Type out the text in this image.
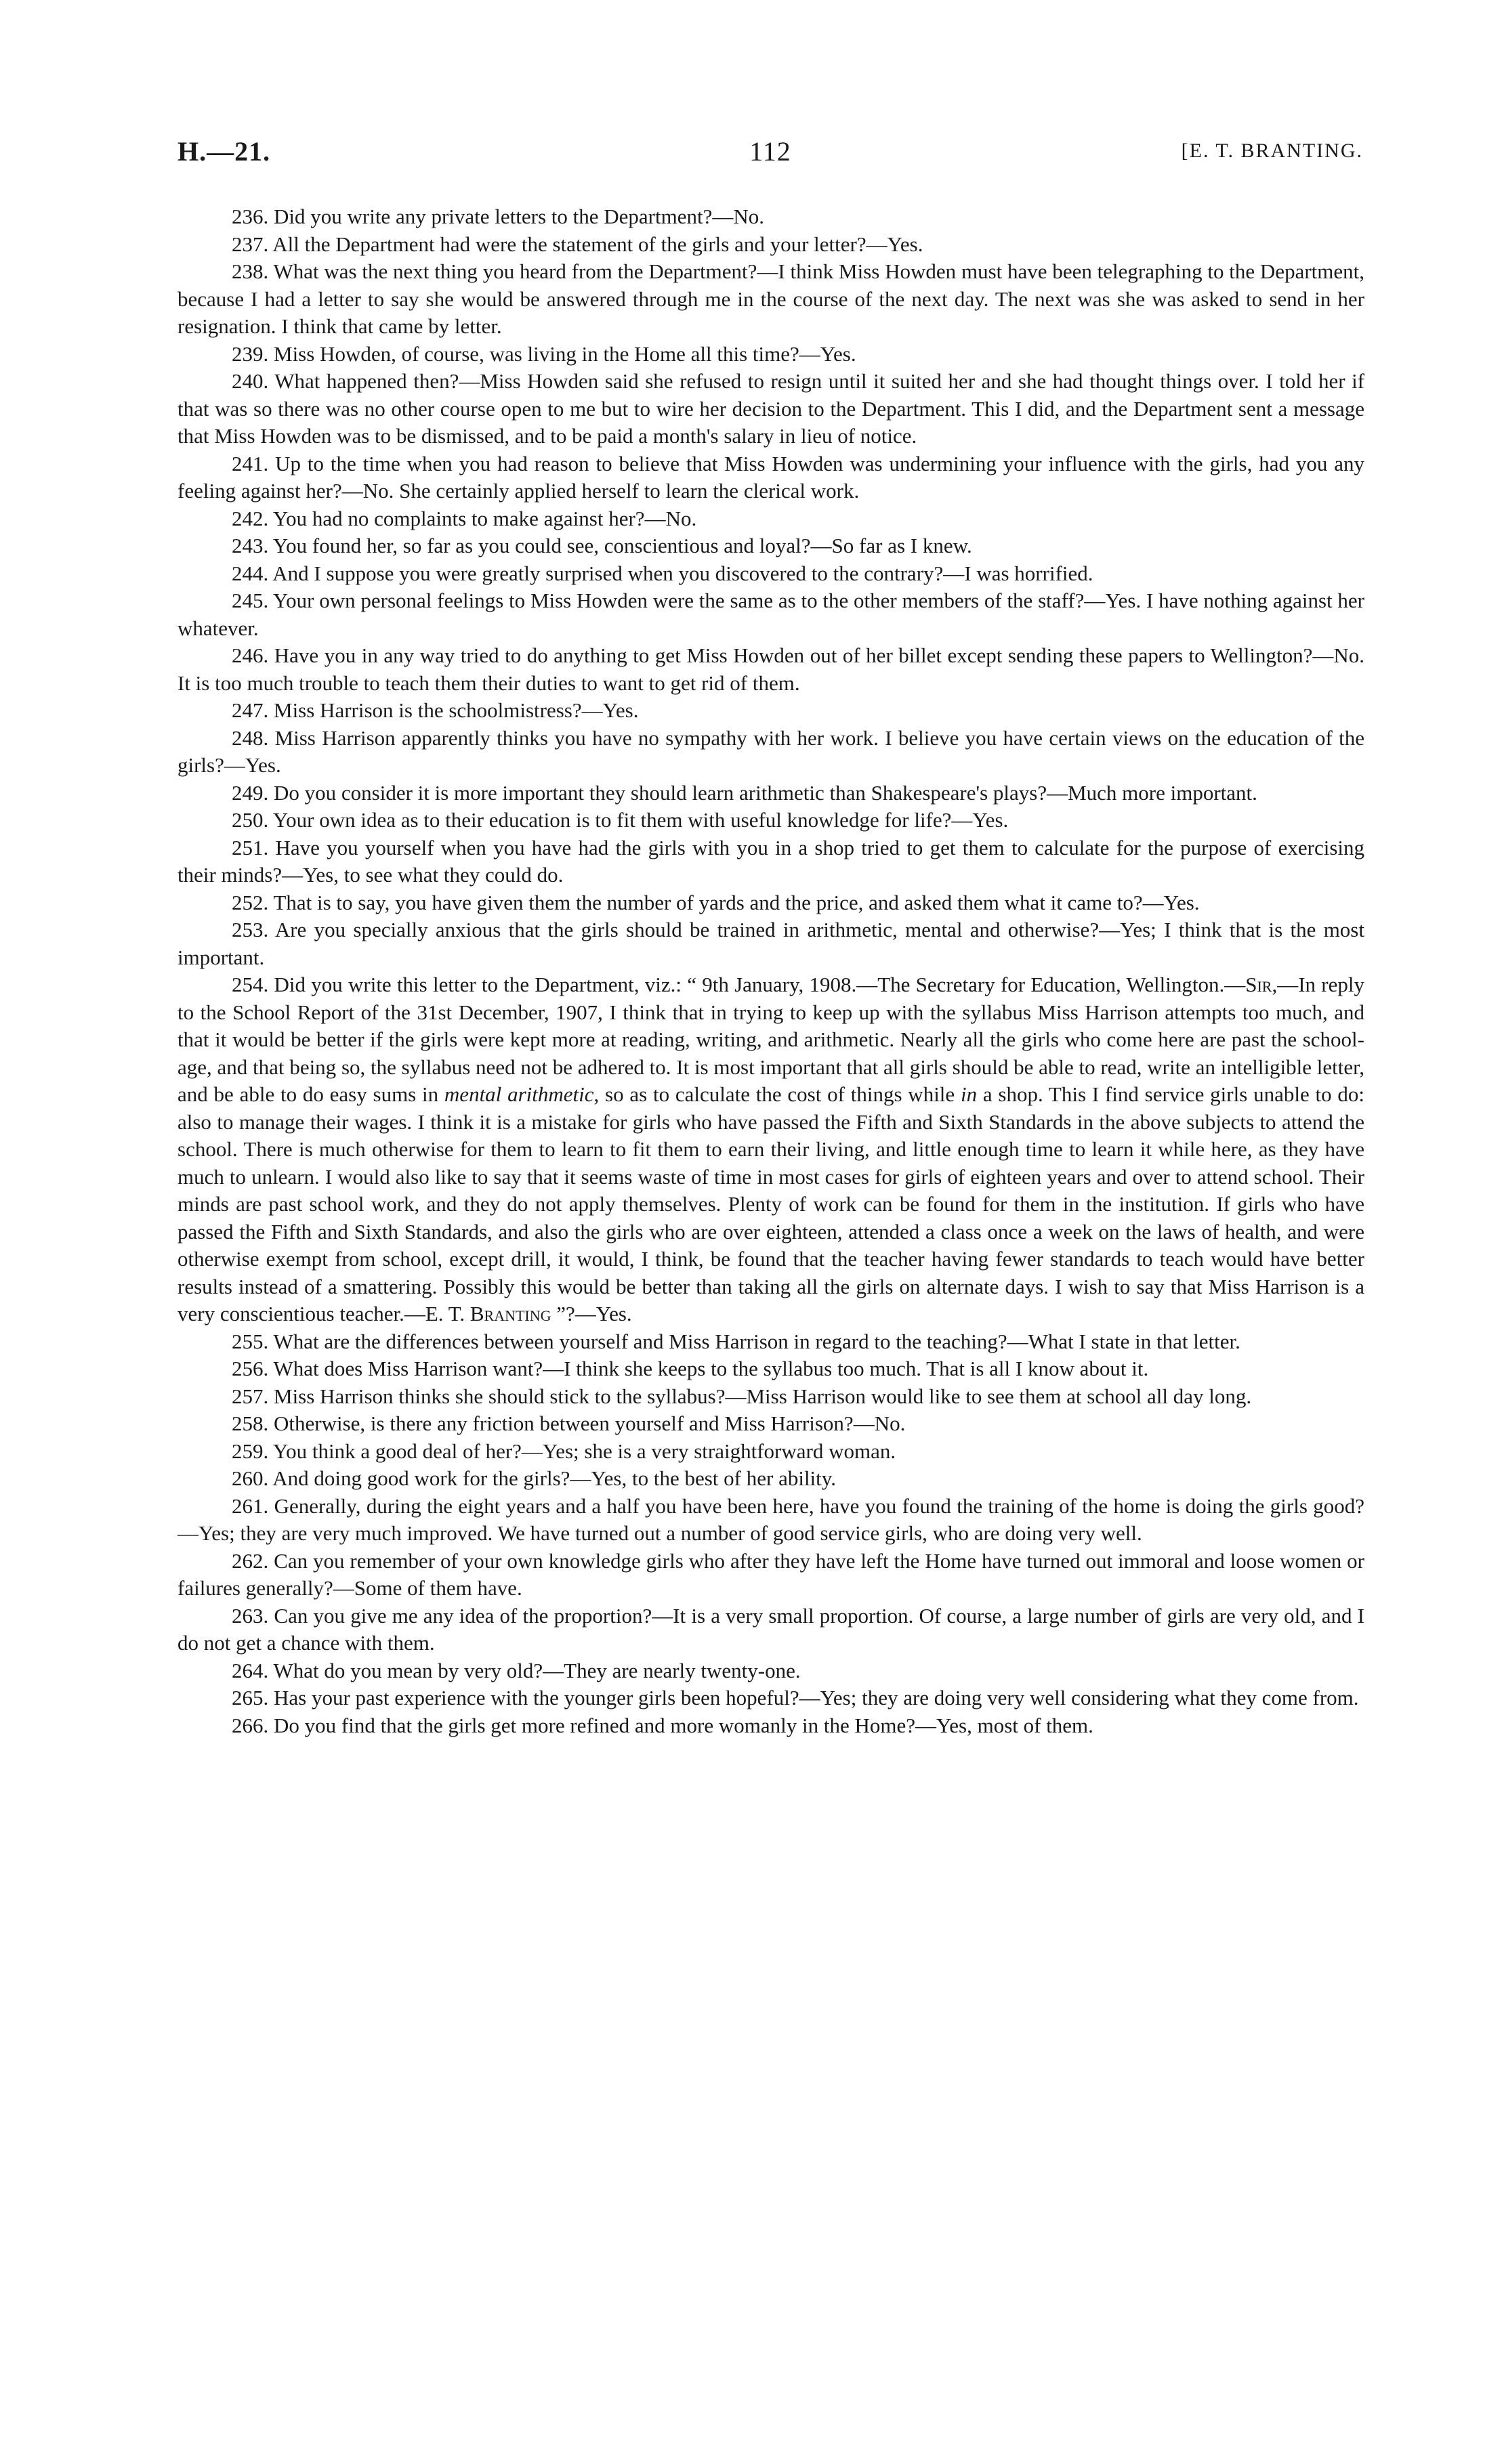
H.—21.	112	[E. T. BRANTING.

236. Did you write any private letters to the Department?—No.

237. All the Department had were the statement of the girls and your letter?—Yes.

238. What was the next thing you heard from the Department?—I think Miss Howden must have been telegraphing to the Department, because I had a letter to say she would be answered through me in the course of the next day. The next was she was asked to send in her resignation. I think that came by letter.

239. Miss Howden, of course, was living in the Home all this time?—Yes.

240. What happened then?—Miss Howden said she refused to resign until it suited her and she had thought things over. I told her if that was so there was no other course open to me but to wire her decision to the Department. This I did, and the Department sent a message that Miss Howden was to be dismissed, and to be paid a month's salary in lieu of notice.

241. Up to the time when you had reason to believe that Miss Howden was undermining your influence with the girls, had you any feeling against her?—No. She certainly applied herself to learn the clerical work.

242. You had no complaints to make against her?—No.

243. You found her, so far as you could see, conscientious and loyal?—So far as I knew.

244. And I suppose you were greatly surprised when you discovered to the contrary?—I was horrified.

245. Your own personal feelings to Miss Howden were the same as to the other members of the staff?—Yes. I have nothing against her whatever.

246. Have you in any way tried to do anything to get Miss Howden out of her billet except sending these papers to Wellington?—No. It is too much trouble to teach them their duties to want to get rid of them.

247. Miss Harrison is the schoolmistress?—Yes.

248. Miss Harrison apparently thinks you have no sympathy with her work. I believe you have certain views on the education of the girls?—Yes.

249. Do you consider it is more important they should learn arithmetic than Shakespeare's plays?—Much more important.

250. Your own idea as to their education is to fit them with useful knowledge for life?—Yes.

251. Have you yourself when you have had the girls with you in a shop tried to get them to calculate for the purpose of exercising their minds?—Yes, to see what they could do.

252. That is to say, you have given them the number of yards and the price, and asked them what it came to?—Yes.

253. Are you specially anxious that the girls should be trained in arithmetic, mental and otherwise?—Yes; I think that is the most important.

254. Did you write this letter to the Department, viz.: “ 9th January, 1908.—The Secretary for Education, Wellington.—Sir,—In reply to the School Report of the 31st December, 1907, I think that in trying to keep up with the syllabus Miss Harrison attempts too much, and that it would be better if the girls were kept more at reading, writing, and arithmetic. Nearly all the girls who come here are past the school-age, and that being so, the syllabus need not be adhered to. It is most important that all girls should be able to read, write an intelligible letter, and be able to do easy sums in mental arithmetic, so as to calculate the cost of things while in a shop. This I find service girls unable to do: also to manage their wages. I think it is a mistake for girls who have passed the Fifth and Sixth Standards in the above subjects to attend the school. There is much otherwise for them to learn to fit them to earn their living, and little enough time to learn it while here, as they have much to unlearn. I would also like to say that it seems waste of time in most cases for girls of eighteen years and over to attend school. Their minds are past school work, and they do not apply themselves. Plenty of work can be found for them in the institution. If girls who have passed the Fifth and Sixth Standards, and also the girls who are over eighteen, attended a class once a week on the laws of health, and were otherwise exempt from school, except drill, it would, I think, be found that the teacher having fewer standards to teach would have better results instead of a smattering. Possibly this would be better than taking all the girls on alternate days. I wish to say that Miss Harrison is a very conscientious teacher.—E. T. Branting ”?—Yes.

255. What are the differences between yourself and Miss Harrison in regard to the teaching?—What I state in that letter.

256. What does Miss Harrison want?—I think she keeps to the syllabus too much. That is all I know about it.

257. Miss Harrison thinks she should stick to the syllabus?—Miss Harrison would like to see them at school all day long.

258. Otherwise, is there any friction between yourself and Miss Harrison?—No.

259. You think a good deal of her?—Yes; she is a very straightforward woman.

260. And doing good work for the girls?—Yes, to the best of her ability.

261. Generally, during the eight years and a half you have been here, have you found the training of the home is doing the girls good?—Yes; they are very much improved. We have turned out a number of good service girls, who are doing very well.

262. Can you remember of your own knowledge girls who after they have left the Home have turned out immoral and loose women or failures generally?—Some of them have.

263. Can you give me any idea of the proportion?—It is a very small proportion. Of course, a large number of girls are very old, and I do not get a chance with them.

264. What do you mean by very old?—They are nearly twenty-one.

265. Has your past experience with the younger girls been hopeful?—Yes; they are doing very well considering what they come from.

266. Do you find that the girls get more refined and more womanly in the Home?—Yes, most of them.
